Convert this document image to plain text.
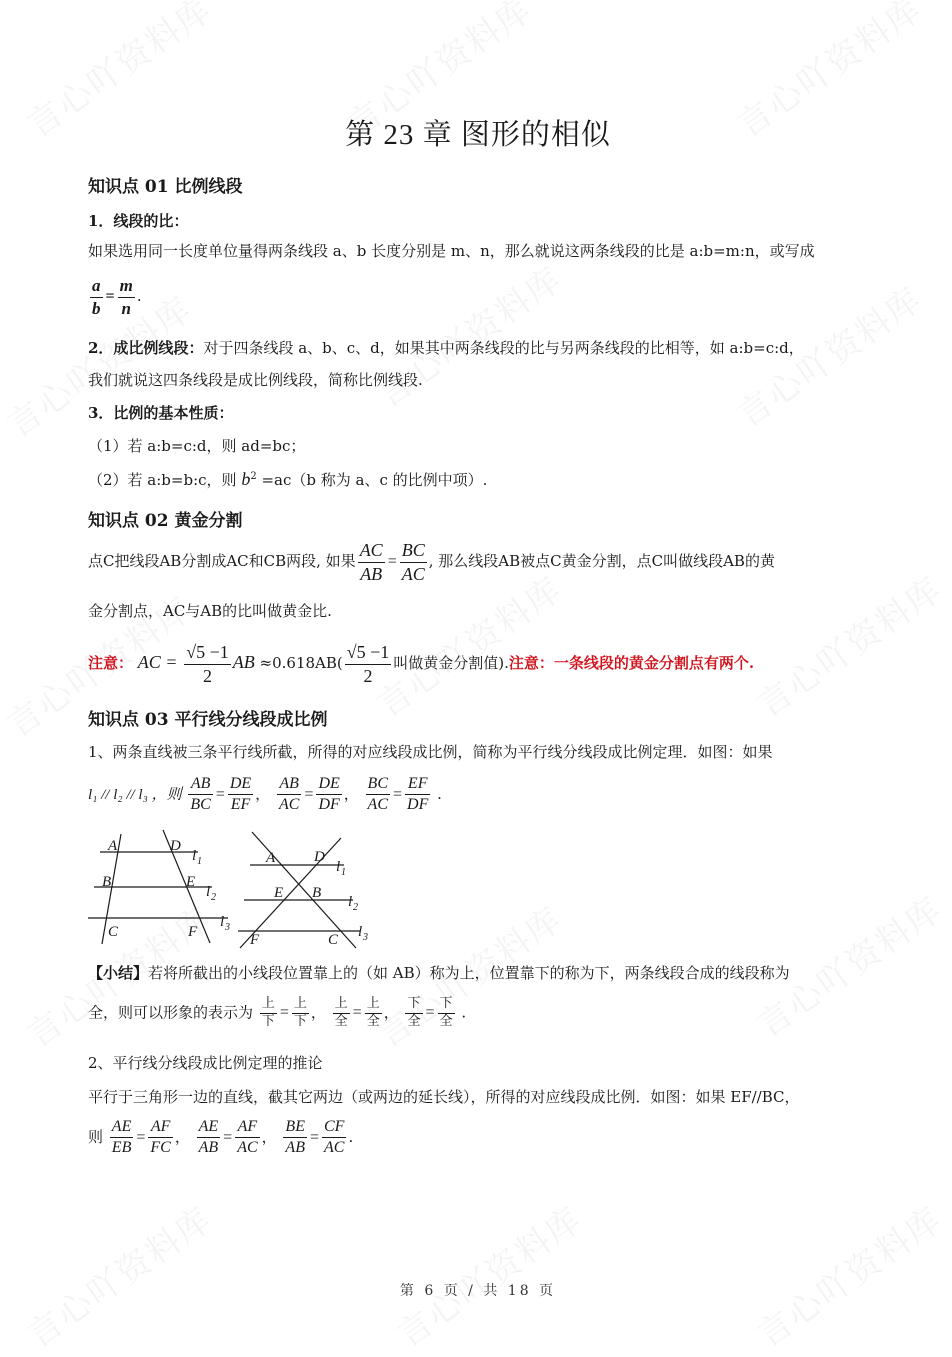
第 23 章 图形的相似
知识点 01 比例线段
1．线段的比：
如果选用同一长度单位量得两条线段 a、b 长度分别是 m、n，那么就说这两条线段的比是 a:b=m:n，或写成
$\frac{a}{b} = \frac{m}{n}$ .
2．成比例线段：对于四条线段 a、b、c、d，如果其中两条线段的比与另两条线段的比相等，如 a:b=c:d，
我们就说这四条线段是成比例线段，简称比例线段.
3．比例的基本性质：
（1）若 a:b=c:d，则 ad=bc；
（2）若 a:b=b:c，则 $b^2 =ac(b$ 称为 a、c 的比例中项）.
知识点 02 黄金分割
点C把线段AB分割成AC和CB两段, 如果 $\frac{AC}{AB} = \frac{BC}{AC}$ , 那么线段AB被点C黄金分割，点C叫做线段AB的黄
金分割点，AC与AB的比叫做黄金比.
注意： AC = $\frac{√5 -1}{2}$ AB $\approx 0.618AB( \frac{√5 -1}{2}$ 叫做黄金分割值).注意：一条线段的黄金分割点有两个.
知识点 03 平行线分线段成比例
1、两条直线被三条平行线所截，所得的对应线段成比例，简称为平行线分线段成比例定理．如图：如果
l₁ // l₂ // l₃ ，则 $\frac{AB}{BC} = \frac{DE}{EF}$ ， $\frac{AB}{AC} = \frac{DE}{DF}$ ， $\frac{BC}{AC} = \frac{EF}{DF}$ .
A	D
l 1
B	E
l 2
C	F
l 3
A	D
l 1
E B
l 2
F	C l 3
【小结】若将所截出的小线段位置靠上的（如 AB）称为上，位置靠下的称为下，两条线段合成的线段称为
全，则可以形象的表示为 $\frac{\text{上}}{\text{下}} = \frac{\text{上}}{\text{下}}$ ， $\frac{\text{上}}{\text{全}} = \frac{\text{上}}{\text{全}}$ ， $\frac{\text{下}}{\text{全}} = \frac{\text{下}}{\text{全}}$ .
2、平行线分线段成比例定理的推论
平行于三角形一边的直线，截其它两边（或两边的延长线），所得的对应线段成比例．如图：如果 EF//BC，
则 $\frac{AE}{EB} = \frac{AF}{FC}$ ， $\frac{AE}{AB} = \frac{AF}{AC}$ ， $\frac{BE}{AB} = \frac{CF}{AC}$ .
第 6 页 / 共 18 页
